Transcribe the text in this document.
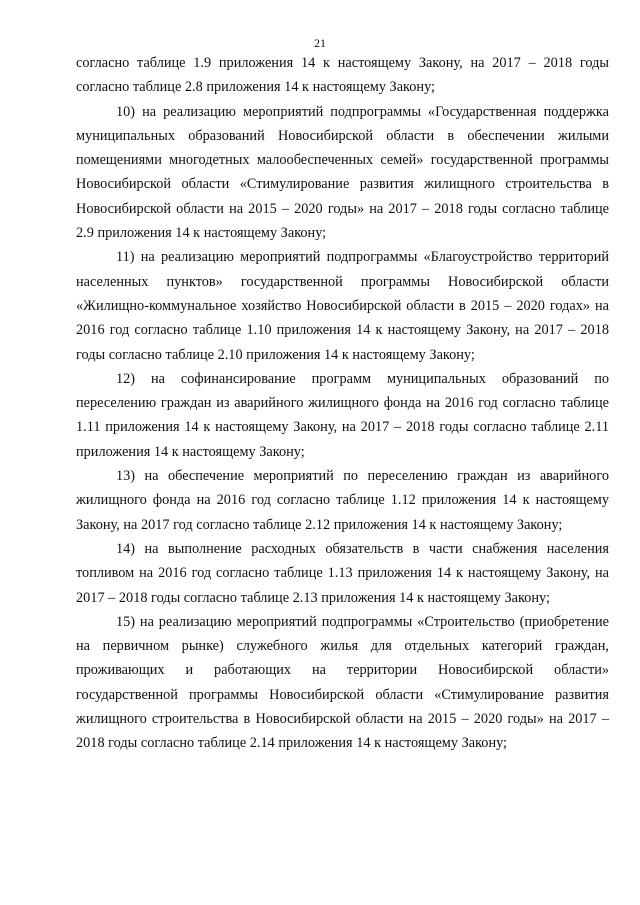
21

согласно таблице 1.9 приложения 14 к настоящему Закону, на 2017 – 2018 годы согласно таблице 2.8 приложения 14 к настоящему Закону;

10) на реализацию мероприятий подпрограммы «Государственная поддержка муниципальных образований Новосибирской области в обеспечении жилыми помещениями многодетных малообеспеченных семей» государственной программы Новосибирской области «Стимулирование развития жилищного строительства в Новосибирской области на 2015 – 2020 годы» на 2017 – 2018 годы согласно таблице 2.9 приложения 14 к настоящему Закону;

11) на реализацию мероприятий подпрограммы «Благоустройство территорий населенных пунктов» государственной программы Новосибирской области «Жилищно-коммунальное хозяйство Новосибирской области в 2015 – 2020 годах» на 2016 год согласно таблице 1.10 приложения 14 к настоящему Закону, на 2017 – 2018 годы согласно таблице 2.10 приложения 14 к настоящему Закону;

12) на софинансирование программ муниципальных образований по переселению граждан из аварийного жилищного фонда на 2016 год согласно таблице 1.11 приложения 14 к настоящему Закону, на 2017 – 2018 годы согласно таблице 2.11 приложения 14 к настоящему Закону;

13) на обеспечение мероприятий по переселению граждан из аварийного жилищного фонда на 2016 год согласно таблице 1.12 приложения 14 к настоящему Закону, на 2017 год согласно таблице 2.12 приложения 14 к настоящему Закону;

14) на выполнение расходных обязательств в части снабжения населения топливом на 2016 год согласно таблице 1.13 приложения 14 к настоящему Закону, на 2017 – 2018 годы согласно таблице 2.13 приложения 14 к настоящему Закону;

15) на реализацию мероприятий подпрограммы «Строительство (приобретение на первичном рынке) служебного жилья для отдельных категорий граждан, проживающих и работающих на территории Новосибирской области» государственной программы Новосибирской области «Стимулирование развития жилищного строительства в Новосибирской области на 2015 – 2020 годы» на 2017 – 2018 годы согласно таблице 2.14 приложения 14 к настоящему Закону;
